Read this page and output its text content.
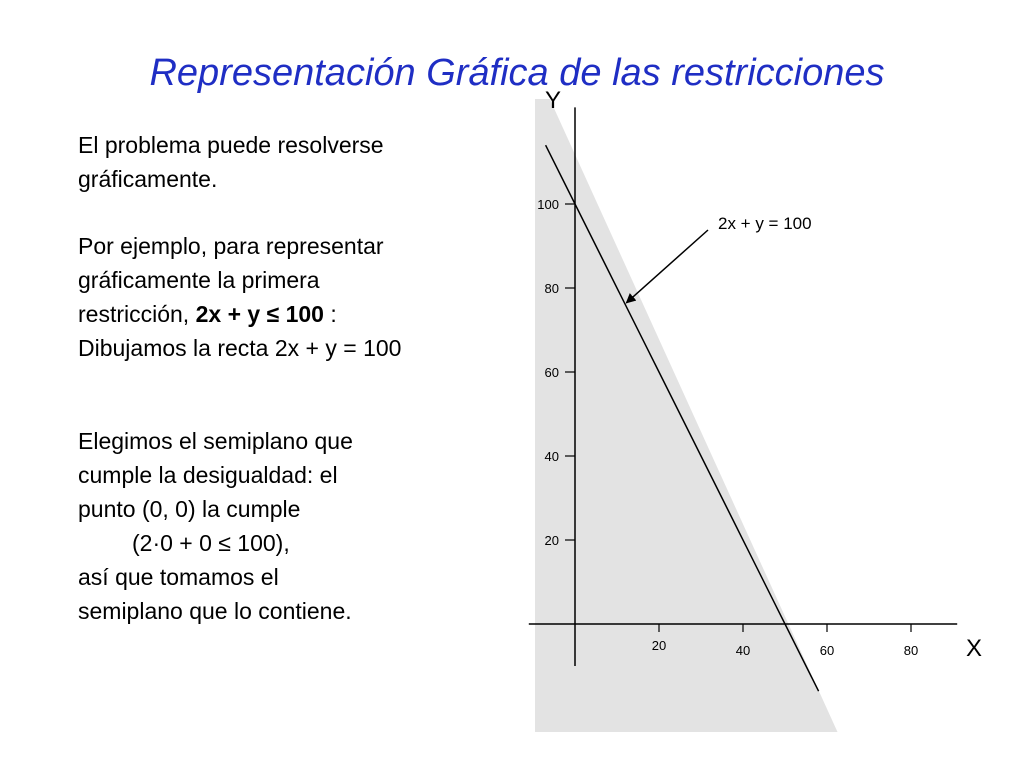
Representación Gráfica de las restricciones
El problema puede resolverse
gráficamente.
Por ejemplo, para representar
gráficamente la primera
restricción, 2x + y ≤ 100 :
Dibujamos la recta 2x + y = 100
Elegimos el semiplano que
cumple la desigualdad: el
punto (0, 0) la cumple
(2·0 + 0 ≤ 100),
así que tomamos el
semiplano que lo contiene.
20	40	60	80
20
40
60
80
100
2x + y = 100
X
Y
